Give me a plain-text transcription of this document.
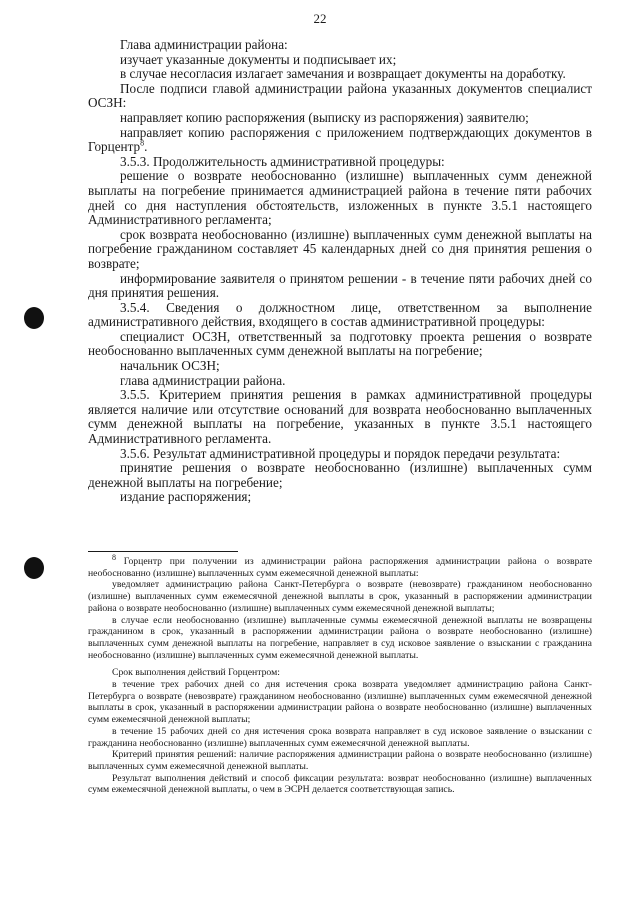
22

Глава администрации района:

изучает указанные документы и подписывает их;

в случае несогласия излагает замечания и возвращает документы на доработку.

После подписи главой администрации района указанных документов специалист ОСЗН:

направляет копию распоряжения (выписку из распоряжения) заявителю;

направляет копию распоряжения с приложением подтверждающих документов в Горцентр$^8$.

3.5.3. Продолжительность административной процедуры:

решение о возврате необоснованно (излишне) выплаченных сумм денежной выплаты на погребение принимается администрацией района в течение пяти рабочих дней со дня наступления обстоятельств, изложенных в пункте 3.5.1 настоящего Административного регламента;

срок возврата необоснованно (излишне) выплаченных сумм денежной выплаты на погребение гражданином составляет 45 календарных дней со дня принятия решения о возврате;

информирование заявителя о принятом решении - в течение пяти рабочих дней со дня принятия решения.

3.5.4. Сведения о должностном лице, ответственном за выполнение административного действия, входящего в состав административной процедуры:

специалист ОСЗН, ответственный за подготовку проекта решения о возврате необоснованно выплаченных сумм денежной выплаты на погребение;

начальник ОСЗН;

глава администрации района.

3.5.5. Критерием принятия решения в рамках административной процедуры является наличие или отсутствие оснований для возврата необоснованно выплаченных сумм денежной выплаты на погребение, указанных в пункте 3.5.1 настоящего Административного регламента.

3.5.6. Результат административной процедуры и порядок передачи результата:

принятие решения о возврате необоснованно (излишне) выплаченных сумм денежной выплаты на погребение;

издание распоряжения;

$^8$ Горцентр при получении из администрации района распоряжения администрации района о возврате необоснованно (излишне) выплаченных сумм ежемесячной денежной выплаты:

уведомляет администрацию района Санкт-Петербурга о возврате (невозврате) гражданином необоснованно (излишне) выплаченных сумм ежемесячной денежной выплаты в срок, указанный в распоряжении администрации района о возврате необоснованно (излишне) выплаченных сумм ежемесячной денежной выплаты;

в случае если необоснованно (излишне) выплаченные суммы ежемесячной денежной выплаты не возвращены гражданином в срок, указанный в распоряжении администрации района о возврате необоснованно (излишне) выплаченных сумм денежной выплаты на погребение, направляет в суд исковое заявление о взыскании с гражданина необоснованно (излишне) выплаченных сумм ежемесячной денежной выплаты.

Срок выполнения действий Горцентром:

в течение трех рабочих дней со дня истечения срока возврата уведомляет администрацию района Санкт-Петербурга о возврате (невозврате) гражданином необоснованно (излишне) выплаченных сумм ежемесячной денежной выплаты в срок, указанный в распоряжении администрации района о возврате необоснованно (излишне) выплаченных сумм ежемесячной денежной выплаты;

в течение 15 рабочих дней со дня истечения срока возврата направляет в суд исковое заявление о взыскании с гражданина необоснованно (излишне) выплаченных сумм ежемесячной денежной выплаты.

Критерий принятия решений: наличие распоряжения администрации района о возврате необоснованно (излишне) выплаченных сумм ежемесячной денежной выплаты.

Результат выполнения действий и способ фиксации результата: возврат необоснованно (излишне) выплаченных сумм ежемесячной денежной выплаты, о чем в ЭСРН делается соответствующая запись.
